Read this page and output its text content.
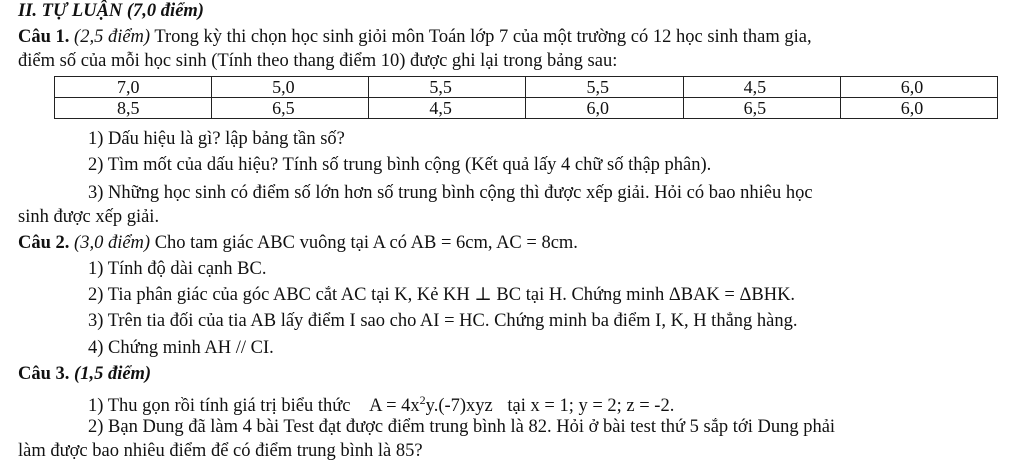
II. TỰ LUẬN (7,0 điểm)
Câu 1. (2,5 điểm) Trong kỳ thi chọn học sinh giỏi môn Toán lớp 7 của một trường có 12 học sinh tham gia,
điểm số của mỗi học sinh (Tính theo thang điểm 10) được ghi lại trong bảng sau:
7,0	5,0	5,5	5,5	4,5	6,0
8,5	6,5	4,5	6,0	6,5	6,0
1) Dấu hiệu là gì? lập bảng tần số?
2) Tìm mốt của dấu hiệu? Tính số trung bình cộng (Kết quả lấy 4 chữ số thập phân).
3) Những học sinh có điểm số lớn hơn số trung bình cộng thì được xếp giải. Hỏi có bao nhiêu học
sinh được xếp giải.
Câu 2. (3,0 điểm) Cho tam giác ABC vuông tại A có AB = 6cm, AC = 8cm.
1) Tính độ dài cạnh BC.
2) Tia phân giác của góc ABC cắt AC tại K, Kẻ KH ⊥ BC tại H. Chứng minh ΔBAK = ΔBHK.
3) Trên tia đối của tia AB lấy điểm I sao cho AI = HC. Chứng minh ba điểm I, K, H thẳng hàng.
4) Chứng minh AH // CI.
Câu 3. (1,5 điểm)
1) Thu gọn rồi tính giá trị biểu thức $A = 4x^2y.(-7)xyz$ tại x = 1; y = 2; z = -2.
2) Bạn Dung đã làm 4 bài Test đạt được điểm trung bình là 82. Hỏi ở bài test thứ 5 sắp tới Dung phải
làm được bao nhiêu điểm để có điểm trung bình là 85?
